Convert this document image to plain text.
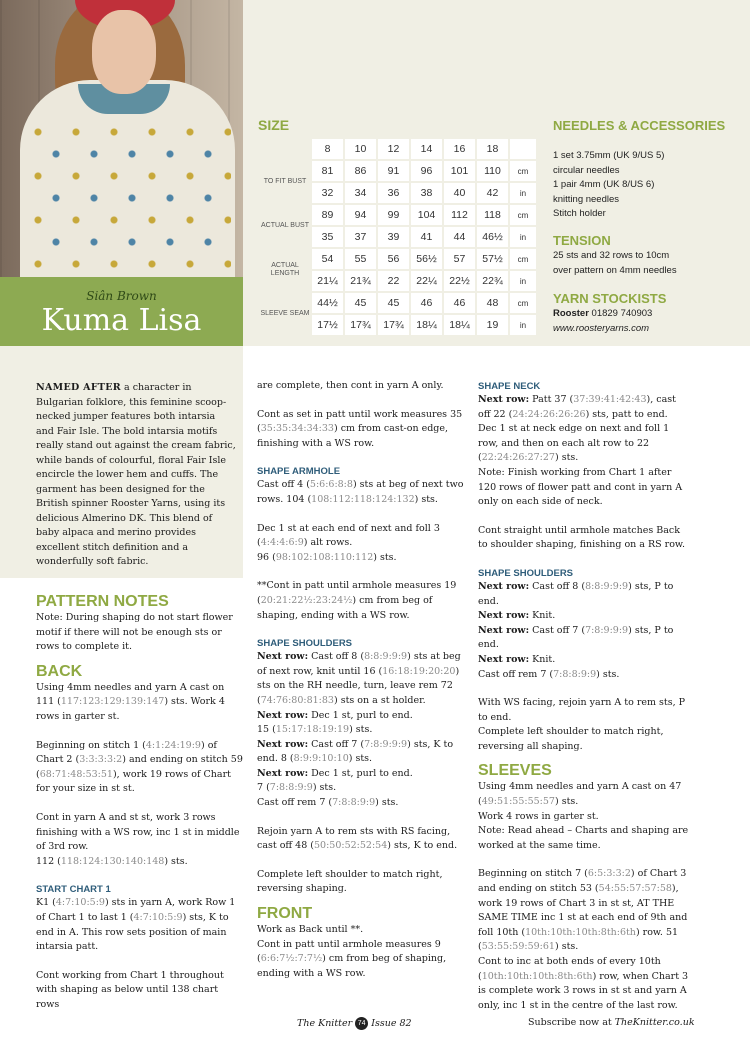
Siân Brown
Kuma Lisa
SIZE
	8	10	12	14	16	18	
TO FIT BUST	81	86	91	96	101	110	cm
	32	34	36	38	40	42	in
ACTUAL BUST	89	94	99	104	112	118	cm
	35	37	39	41	44	46½	in
ACTUAL LENGTH	54	55	56	56½	57	57½	cm
	21¼	21¾	22	22¼	22½	22¾	in
SLEEVE SEAM	44½	45	45	46	46	48	cm
	17½	17¾	17¾	18¼	18¼	19	in
NEEDLES & ACCESSORIES
1 set 3.75mm (UK 9/US 5)
circular needles
1 pair 4mm (UK 8/US 6)
knitting needles
Stitch holder
TENSION
25 sts and 32 rows to 10cm
over pattern on 4mm needles
YARN STOCKISTS
Rooster 01829 740903
www.roosteryarns.com
NAMED AFTER a character in Bulgarian folklore, this feminine scoop-necked jumper features both intarsia and Fair Isle. The bold intarsia motifs really stand out against the cream fabric, while bands of colourful, floral Fair Isle encircle the lower hem and cuffs. The garment has been designed for the British spinner Rooster Yarns, using its delicious Almerino DK. This blend of baby alpaca and merino provides excellent stitch definition and a wonderfully soft fabric.
PATTERN NOTES
Note: During shaping do not start flower motif if there will not be enough sts or rows to complete it.
BACK
Using 4mm needles and yarn A cast on 111 (117:123:129:139:147) sts. Work 4 rows in garter st.
Beginning on stitch 1 (4:1:24:19:9) of Chart 2 (3:3:3:3:2) and ending on stitch 59 (68:71:48:53:51), work 19 rows of Chart for your size in st st.
Cont in yarn A and st st, work 3 rows finishing with a WS row, inc 1 st in middle of 3rd row.
112 (118:124:130:140:148) sts.
START CHART 1
K1 (4:7:10:5:9) sts in yarn A, work Row 1 of Chart 1 to last 1 (4:7:10:5:9) sts, K to end in A. This row sets position of main intarsia patt.
Cont working from Chart 1 throughout with shaping as below until 138 chart rows
are complete, then cont in yarn A only.
Cont as set in patt until work measures 35 (35:35:34:34:33) cm from cast-on edge, finishing with a WS row.
SHAPE ARMHOLE
Cast off 4 (5:6:6:8:8) sts at beg of next two rows. 104 (108:112:118:124:132) sts.
Dec 1 st at each end of next and foll 3 (4:4:4:6:9) alt rows.
96 (98:102:108:110:112) sts.
**Cont in patt until armhole measures 19 (20:21:22½:23:24½) cm from beg of shaping, ending with a WS row.
SHAPE SHOULDERS
Next row: Cast off 8 (8:8:9:9:9) sts at beg of next row, knit until 16 (16:18:19:20:20) sts on the RH needle, turn, leave rem 72 (74:76:80:81:83) sts on a st holder.
Next row: Dec 1 st, purl to end.
15 (15:17:18:19:19) sts.
Next row: Cast off 7 (7:8:9:9:9) sts, K to end. 8 (8:9:9:10:10) sts.
Next row: Dec 1 st, purl to end.
7 (7:8:8:9:9) sts.
Cast off rem 7 (7:8:8:9:9) sts.
Rejoin yarn A to rem sts with RS facing, cast off 48 (50:50:52:52:54) sts, K to end.
Complete left shoulder to match right, reversing shaping.
FRONT
Work as Back until **.
Cont in patt until armhole measures 9 (6:6:7½:7:7½) cm from beg of shaping, ending with a WS row.
SHAPE NECK
Next row: Patt 37 (37:39:41:42:43), cast off 22 (24:24:26:26:26) sts, patt to end.
Dec 1 st at neck edge on next and foll 1 row, and then on each alt row to 22 (22:24:26:27:27) sts.
Note: Finish working from Chart 1 after 120 rows of flower patt and cont in yarn A only on each side of neck.
Cont straight until armhole matches Back to shoulder shaping, finishing on a RS row.
SHAPE SHOULDERS
Next row: Cast off 8 (8:8:9:9:9) sts, P to end.
Next row: Knit.
Next row: Cast off 7 (7:8:9:9:9) sts, P to end.
Next row: Knit.
Cast off rem 7 (7:8:8:9:9) sts.
With WS facing, rejoin yarn A to rem sts, P to end.
Complete left shoulder to match right, reversing all shaping.
SLEEVES
Using 4mm needles and yarn A cast on 47 (49:51:55:55:57) sts.
Work 4 rows in garter st.
Note: Read ahead – Charts and shaping are worked at the same time.
Beginning on stitch 7 (6:5:3:3:2) of Chart 3 and ending on stitch 53 (54:55:57:57:58), work 19 rows of Chart 3 in st st, AT THE SAME TIME inc 1 st at each end of 9th and foll 10th (10th:10th:10th:8th:6th) row. 51 (53:55:59:59:61) sts.
Cont to inc at both ends of every 10th (10th:10th:10th:8th:6th) row, when Chart 3 is complete work 3 rows in st st and yarn A only, inc 1 st in the centre of the last row.
The Knitter 74 Issue 82	Subscribe now at TheKnitter.co.uk
